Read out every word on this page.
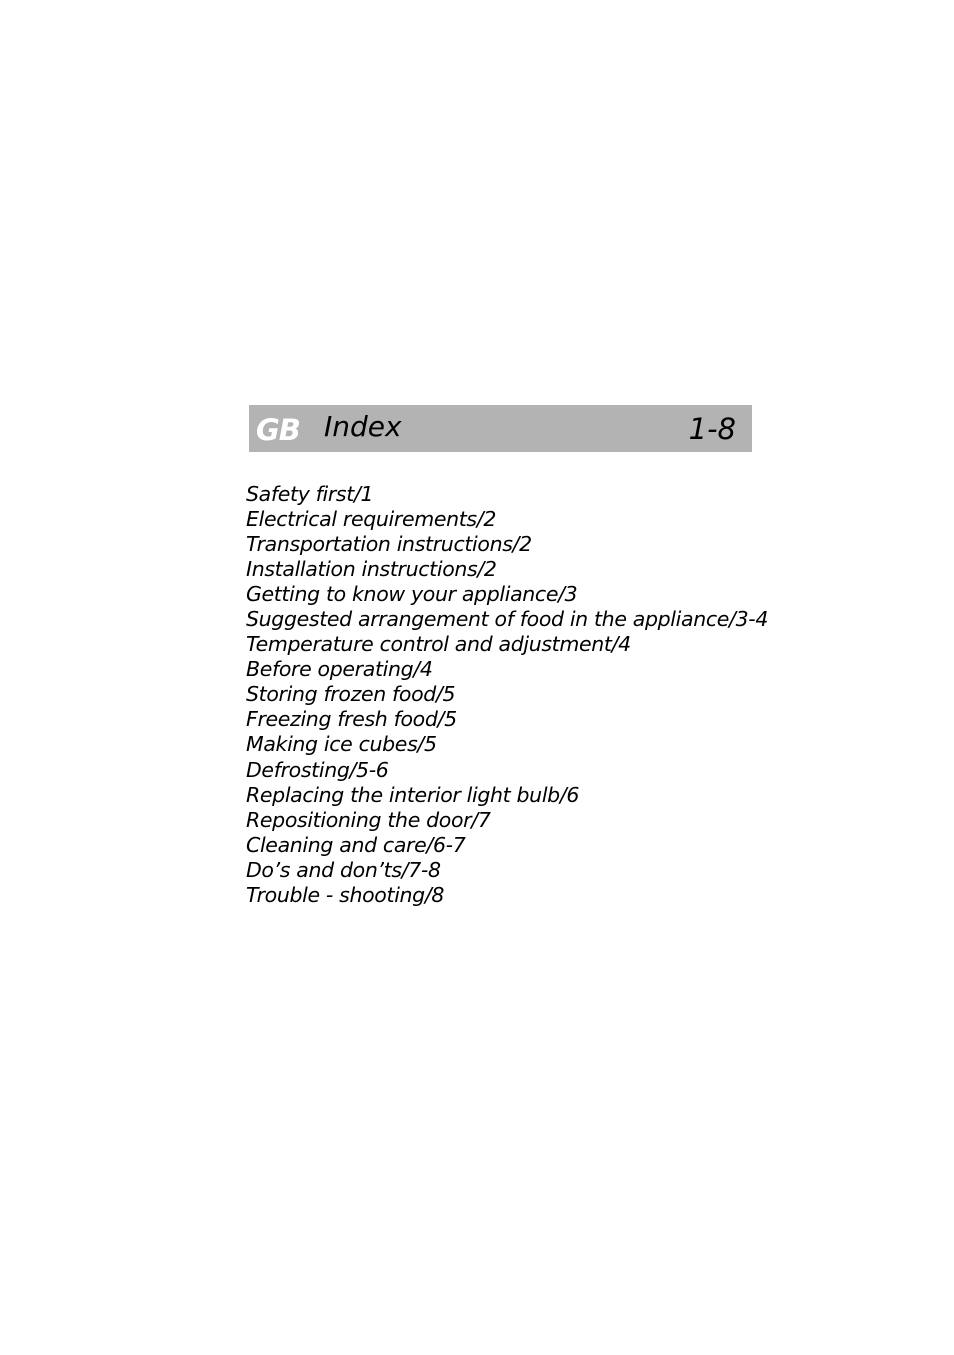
GB Index	1-8
Safety first/1
Electrical requirements/2
Transportation instructions/2
Installation instructions/2
Getting to know your appliance/3
Suggested arrangement of food in the appliance/3-4
Temperature control and adjustment/4
Before operating/4
Storing frozen food/5
Freezing fresh food/5
Making ice cubes/5
Defrosting/5-6
Replacing the interior light bulb/6
Repositioning the door/7
Cleaning and care/6-7
Do’s and don’ts/7-8
Trouble - shooting/8
